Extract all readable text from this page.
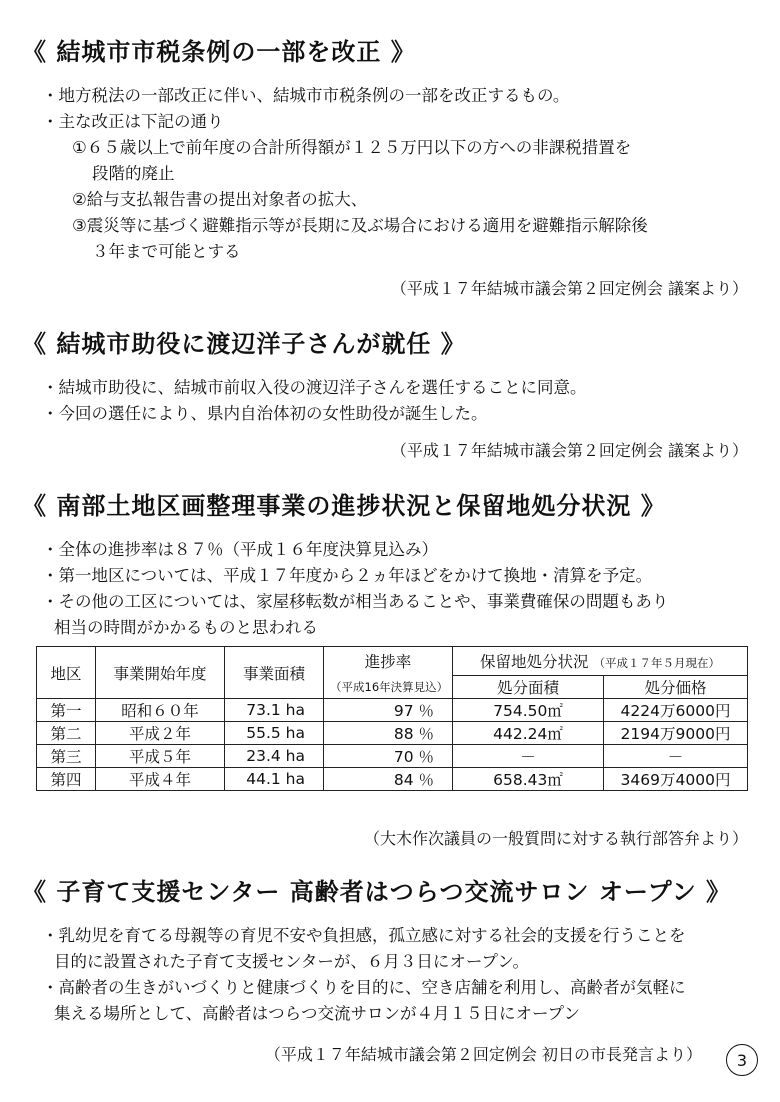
《 結城市市税条例の一部を改正 》
・地方税法の一部改正に伴い、結城市市税条例の一部を改正するもの。
・主な改正は下記の通り
①６５歳以上で前年度の合計所得額が１２５万円以下の方への非課税措置を
段階的廃止
②給与支払報告書の提出対象者の拡大、
③震災等に基づく避難指示等が長期に及ぶ場合における適用を避難指示解除後
３年まで可能とする
（平成１７年結城市議会第２回定例会 議案より）
《 結城市助役に渡辺洋子さんが就任 》
・結城市助役に、結城市前収入役の渡辺洋子さんを選任することに同意。
・今回の選任により、県内自治体初の女性助役が誕生した。
（平成１７年結城市議会第２回定例会 議案より）
《 南部土地区画整理事業の進捗状況と保留地処分状況 》
・全体の進捗率は８７％（平成１６年度決算見込み）
・第一地区については、平成１７年度から２ヵ年ほどをかけて換地・清算を予定。
・その他の工区については、家屋移転数が相当あることや、事業費確保の問題もあり
相当の時間がかかるものと思われる
地区	事業開始年度	事業面積	進捗率	保留地処分状況 （平成１７年５月現在）	
			（平成16年決算見込）	処分面積	処分価格
第一	昭和６０年	73.1 ha	97 ％	754.50㎡	4224万6000円
第二	平成２年	55.5 ha	88 ％	442.24㎡	2194万9000円
第三	平成５年	23.4 ha	70 ％	－	－
第四	平成４年	44.1 ha	84 ％	658.43㎡	3469万4000円
（大木作次議員の一般質問に対する執行部答弁より）
《 子育て支援センター 高齢者はつらつ交流サロン オープン 》
・乳幼児を育てる母親等の育児不安や負担感，孤立感に対する社会的支援を行うことを
目的に設置された子育て支援センターが、６月３日にオープン。
・高齢者の生きがいづくりと健康づくりを目的に、空き店舗を利用し、高齢者が気軽に
集える場所として、高齢者はつらつ交流サロンが４月１５日にオープン
（平成１７年結城市議会第２回定例会 初日の市長発言より）	3
